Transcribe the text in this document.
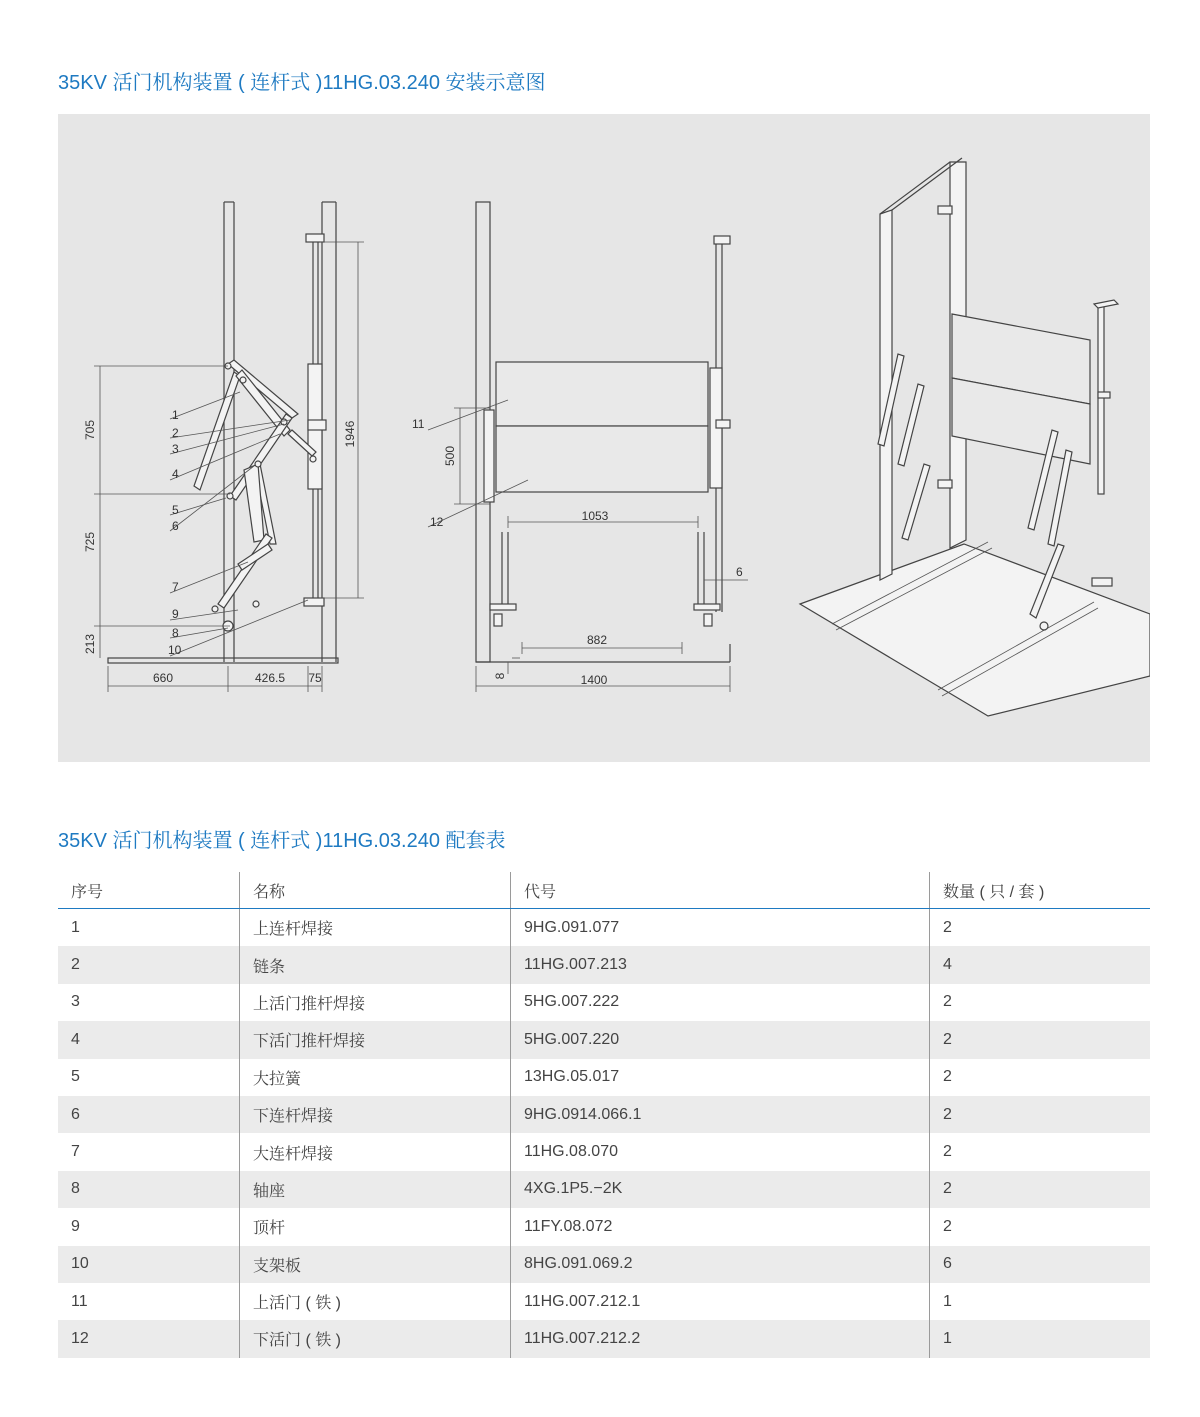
35KV 活门机构装置 ( 连杆式 )11HG.03.240 安装示意图
705
725
213
1946
660	426.5 75
1
2
3
4
5
6
7
9
8
10
500
1053
6
882
8	1400
11
12
35KV 活门机构装置 ( 连杆式 )11HG.03.240 配套表
序号	名称	代号	数量 ( 只 / 套 )
1	上连杆焊接	9HG.091.077	2
2	链条	11HG.007.213	4
3	上活门推杆焊接	5HG.007.222	2
4	下活门推杆焊接	5HG.007.220	2
5	大拉簧	13HG.05.017	2
6	下连杆焊接	9HG.0914.066.1	2
7	大连杆焊接	11HG.08.070	2
8	轴座	4XG.1P5.−2K	2
9	顶杆	11FY.08.072	2
10	支架板	8HG.091.069.2	6
11	上活门 ( 铁 )	11HG.007.212.1	1
12	下活门 ( 铁 )	11HG.007.212.2	1
